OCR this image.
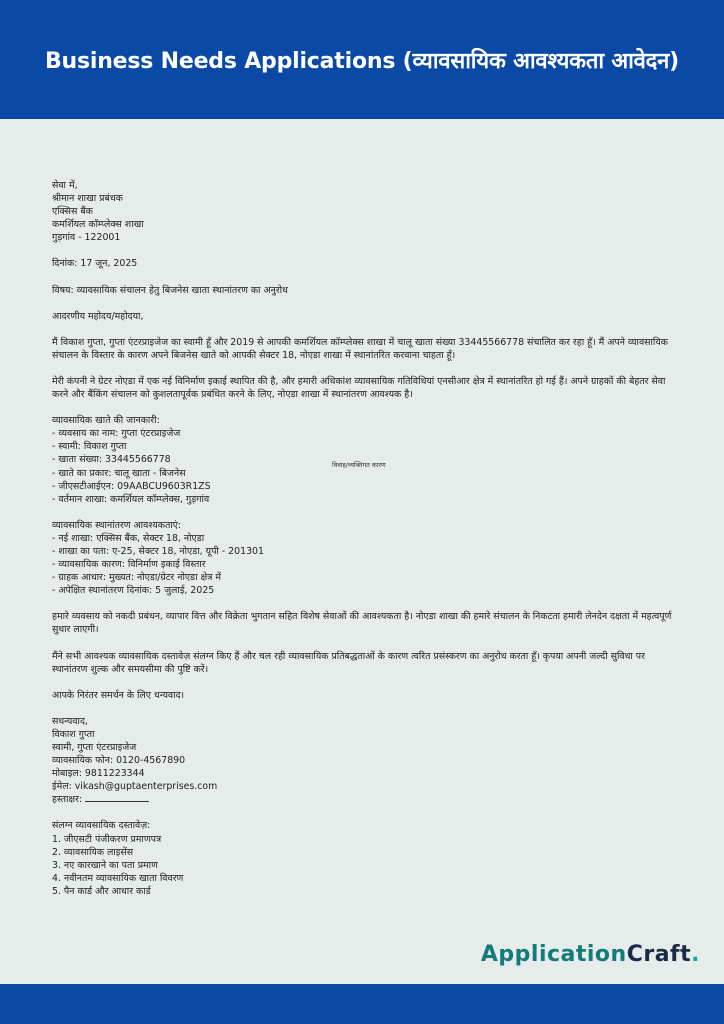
Business Needs Applications (व्यावसायिक आवश्यकता आवेदन)

सेवा में,
श्रीमान शाखा प्रबंधक
एक्सिस बैंक
कमर्शियल कॉम्प्लेक्स शाखा
गुड़गांव - 122001

दिनांक: 17 जून, 2025

विषय: व्यावसायिक संचालन हेतु बिजनेस खाता स्थानांतरण का अनुरोध

आदरणीय महोदय/महोदया,

मैं विकाश गुप्ता, गुप्ता एंटरप्राइजेज का स्वामी हूँ और 2019 से आपकी कमर्शियल कॉम्प्लेक्स शाखा में चालू खाता संख्या 33445566778 संचालित कर रहा हूँ। मैं अपने व्यावसायिक संचालन के विस्तार के कारण अपने बिजनेस खाते को आपकी सेक्टर 18, नोएडा शाखा में स्थानांतरित करवाना चाहता हूँ।

मेरी कंपनी ने ग्रेटर नोएडा में एक नई विनिर्माण इकाई स्थापित की है, और हमारी अधिकांश व्यावसायिक गतिविधियां एनसीआर क्षेत्र में स्थानांतरित हो गई हैं। अपने ग्राहकों की बेहतर सेवा करने और बैंकिंग संचालन को कुशलतापूर्वक प्रबंधित करने के लिए, नोएडा शाखा में स्थानांतरण आवश्यक है।

व्यावसायिक खाते की जानकारी:
- व्यवसाय का नाम: गुप्ता एंटरप्राइजेज
- स्वामी: विकाश गुप्ता
- खाता संख्या: 33445566778
- खाते का प्रकार: चालू खाता - बिजनेस
- जीएसटीआईएन: 09AABCU9603R1ZS
- वर्तमान शाखा: कमर्शियल कॉम्प्लेक्स, गुड़गांव
व्यावसायिक स्थानांतरण आवश्यकताएं:
- नई शाखा: एक्सिस बैंक, सेक्टर 18, नोएडा
- शाखा का पता: ए-25, सेक्टर 18, नोएडा, यूपी - 201301
- व्यावसायिक कारण: विनिर्माण इकाई विस्तार
- ग्राहक आधार: मुख्यत: नोएडा/ग्रेटर नोएडा क्षेत्र में
- अपेक्षित स्थानांतरण दिनांक: 5 जुलाई, 2025

हमारे व्यवसाय को नकदी प्रबंधन, व्यापार वित्त और विक्रेता भुगतान सहित विशेष सेवाओं की आवश्यकता है। नोएडा शाखा की हमारे संचालन के निकटता हमारी लेनदेन दक्षता में महत्वपूर्ण सुधार लाएगी।

मैंने सभी आवश्यक व्यावसायिक दस्तावेज़ संलग्न किए हैं और चल रही व्यावसायिक प्रतिबद्धताओं के कारण त्वरित प्रसंस्करण का अनुरोध करता हूँ। कृपया अपनी जल्दी सुविधा पर स्थानांतरण शुल्क और समयसीमा की पुष्टि करें।

आपके निरंतर समर्थन के लिए धन्यवाद।

सधन्यवाद,
विकाश गुप्ता
स्वामी, गुप्ता एंटरप्राइजेज
व्यावसायिक फोन: 0120-4567890
मोबाइल: 9811223344
ईमेल: vikash@guptaenterprises.com
हस्ताक्षर:
संलग्न व्यावसायिक दस्तावेज़:
1. जीएसटी पंजीकरण प्रमाणपत्र
2. व्यावसायिक लाइसेंस
3. नए कारखाने का पता प्रमाण
4. नवीनतम व्यावसायिक खाता विवरण
5. पैन कार्ड और आधार कार्ड
विवाह/व्यक्तिगत कारण
ApplicationCraft.
